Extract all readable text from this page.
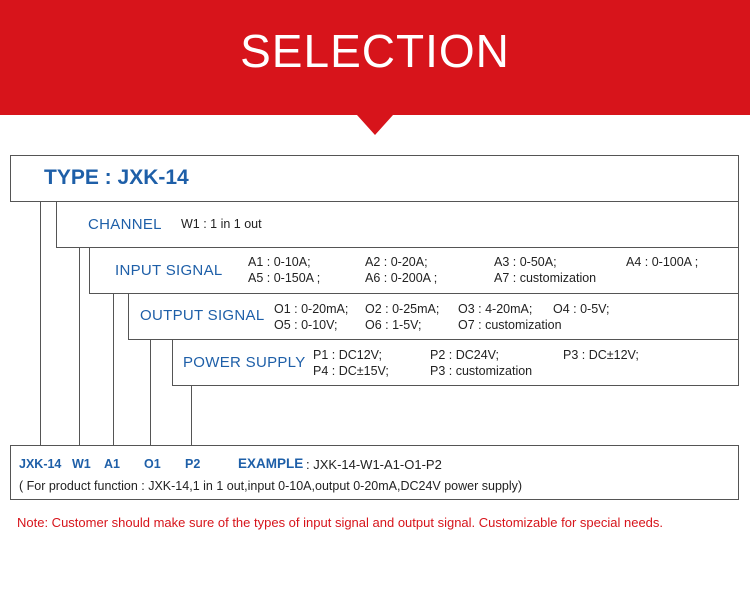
SELECTION
TYPE : JXK-14
CHANNEL W1 : 1 in 1 out
INPUT SIGNAL A1 : 0-10A;	A2 : 0-20A;	A3 : 0-50A;	A4 : 0-100A ;
A5 : 0-150A ;	A6 : 0-200A ;	A7 : customization
OUTPUT SIGNAL O1 : 0-20mA; O2 : 0-25mA; O3 : 4-20mA; O4 : 0-5V;
O5 : 0-10V; O6 : 1-5V;	O7 : customization
POWER SUPPLY P1 : DC12V;	P2 : DC24V;	P3 : DC±12V;
P4 : DC±15V;	P3 : customization
JXK-14 W1 A1 O1 P2	EXAMPLE : JXK-14-W1-A1-O1-P2
( For product function : JXK-14,1 in 1 out,input 0-10A,output 0-20mA,DC24V power supply)
Note: Customer should make sure of the types of input signal and output signal. Customizable for special needs.
